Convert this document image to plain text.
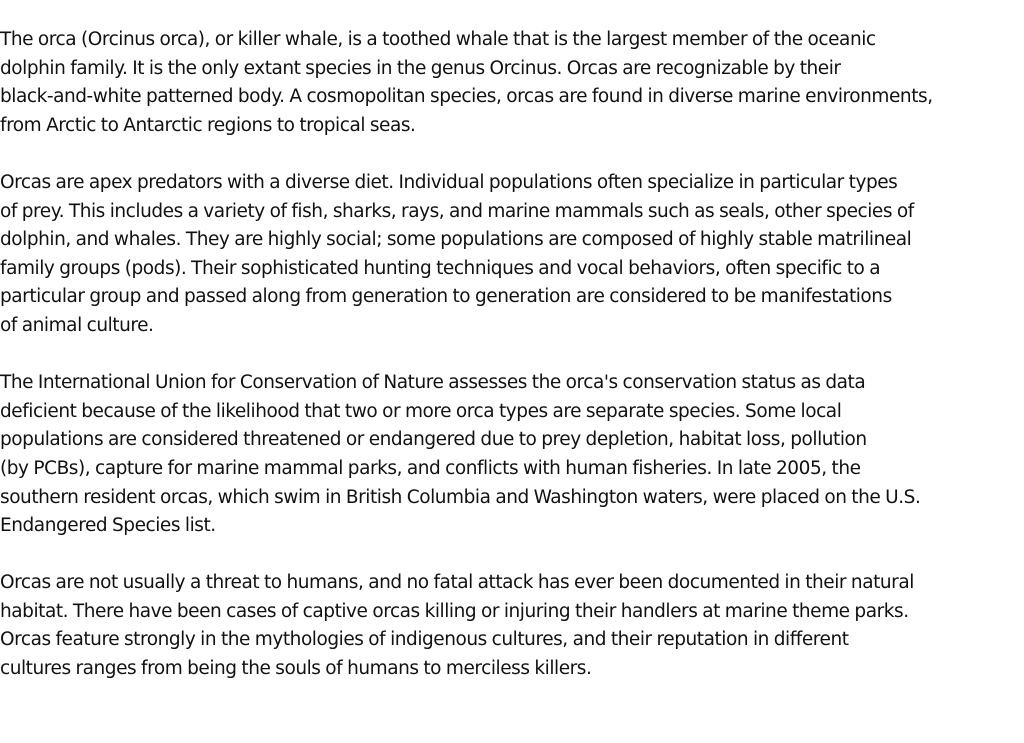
The orca (Orcinus orca), or killer whale, is a toothed whale that is the largest member of the oceanic
dolphin family. It is the only extant species in the genus Orcinus. Orcas are recognizable by their
black-and-white patterned body. A cosmopolitan species, orcas are found in diverse marine environments,
from Arctic to Antarctic regions to tropical seas.

Orcas are apex predators with a diverse diet. Individual populations often specialize in particular types
of prey. This includes a variety of fish, sharks, rays, and marine mammals such as seals, other species of
dolphin, and whales. They are highly social; some populations are composed of highly stable matrilineal
family groups (pods). Their sophisticated hunting techniques and vocal behaviors, often specific to a
particular group and passed along from generation to generation are considered to be manifestations
of animal culture.

The International Union for Conservation of Nature assesses the orca's conservation status as data
deficient because of the likelihood that two or more orca types are separate species. Some local
populations are considered threatened or endangered due to prey depletion, habitat loss, pollution
(by PCBs), capture for marine mammal parks, and conflicts with human fisheries. In late 2005, the
southern resident orcas, which swim in British Columbia and Washington waters, were placed on the U.S.
Endangered Species list.

Orcas are not usually a threat to humans, and no fatal attack has ever been documented in their natural
habitat. There have been cases of captive orcas killing or injuring their handlers at marine theme parks.
Orcas feature strongly in the mythologies of indigenous cultures, and their reputation in different
cultures ranges from being the souls of humans to merciless killers.
